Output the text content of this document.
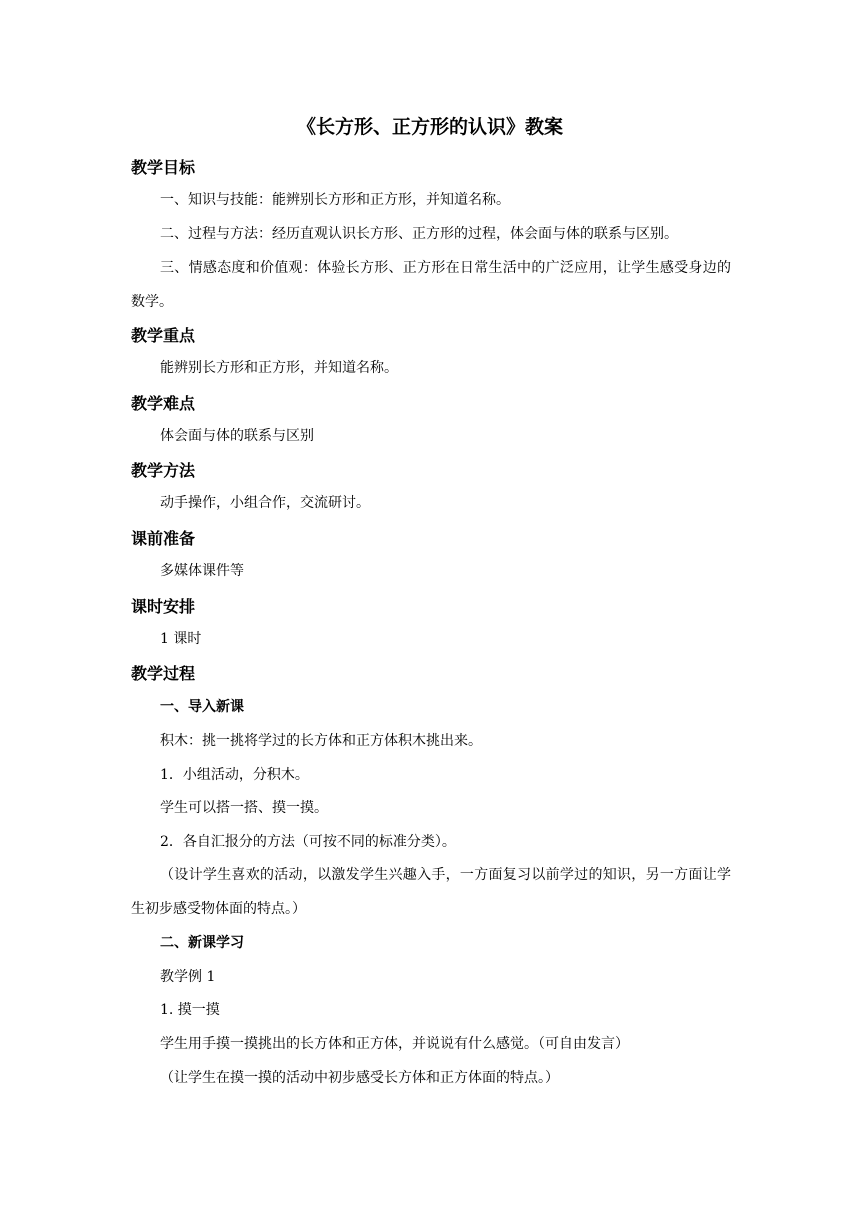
《长方形、正方形的认识》教案
教学目标
一、知识与技能：能辨别长方形和正方形，并知道名称。
二、过程与方法：经历直观认识长方形、正方形的过程，体会面与体的联系与区别。
三、情感态度和价值观：体验长方形、正方形在日常生活中的广泛应用，让学生感受身边的数学。
教学重点
能辨别长方形和正方形，并知道名称。
教学难点
体会面与体的联系与区别
教学方法
动手操作，小组合作，交流研讨。
课前准备
多媒体课件等
课时安排
1 课时
教学过程
一、导入新课
积木：挑一挑将学过的长方体和正方体积木挑出来。
1．小组活动，分积木。
学生可以搭一搭、摸一摸。
2．各自汇报分的方法（可按不同的标准分类）。
（设计学生喜欢的活动，以激发学生兴趣入手，一方面复习以前学过的知识，另一方面让学生初步感受物体面的特点。）
二、新课学习
教学例 1
1. 摸一摸
学生用手摸一摸挑出的长方体和正方体，并说说有什么感觉。（可自由发言）
（让学生在摸一摸的活动中初步感受长方体和正方体面的特点。）
